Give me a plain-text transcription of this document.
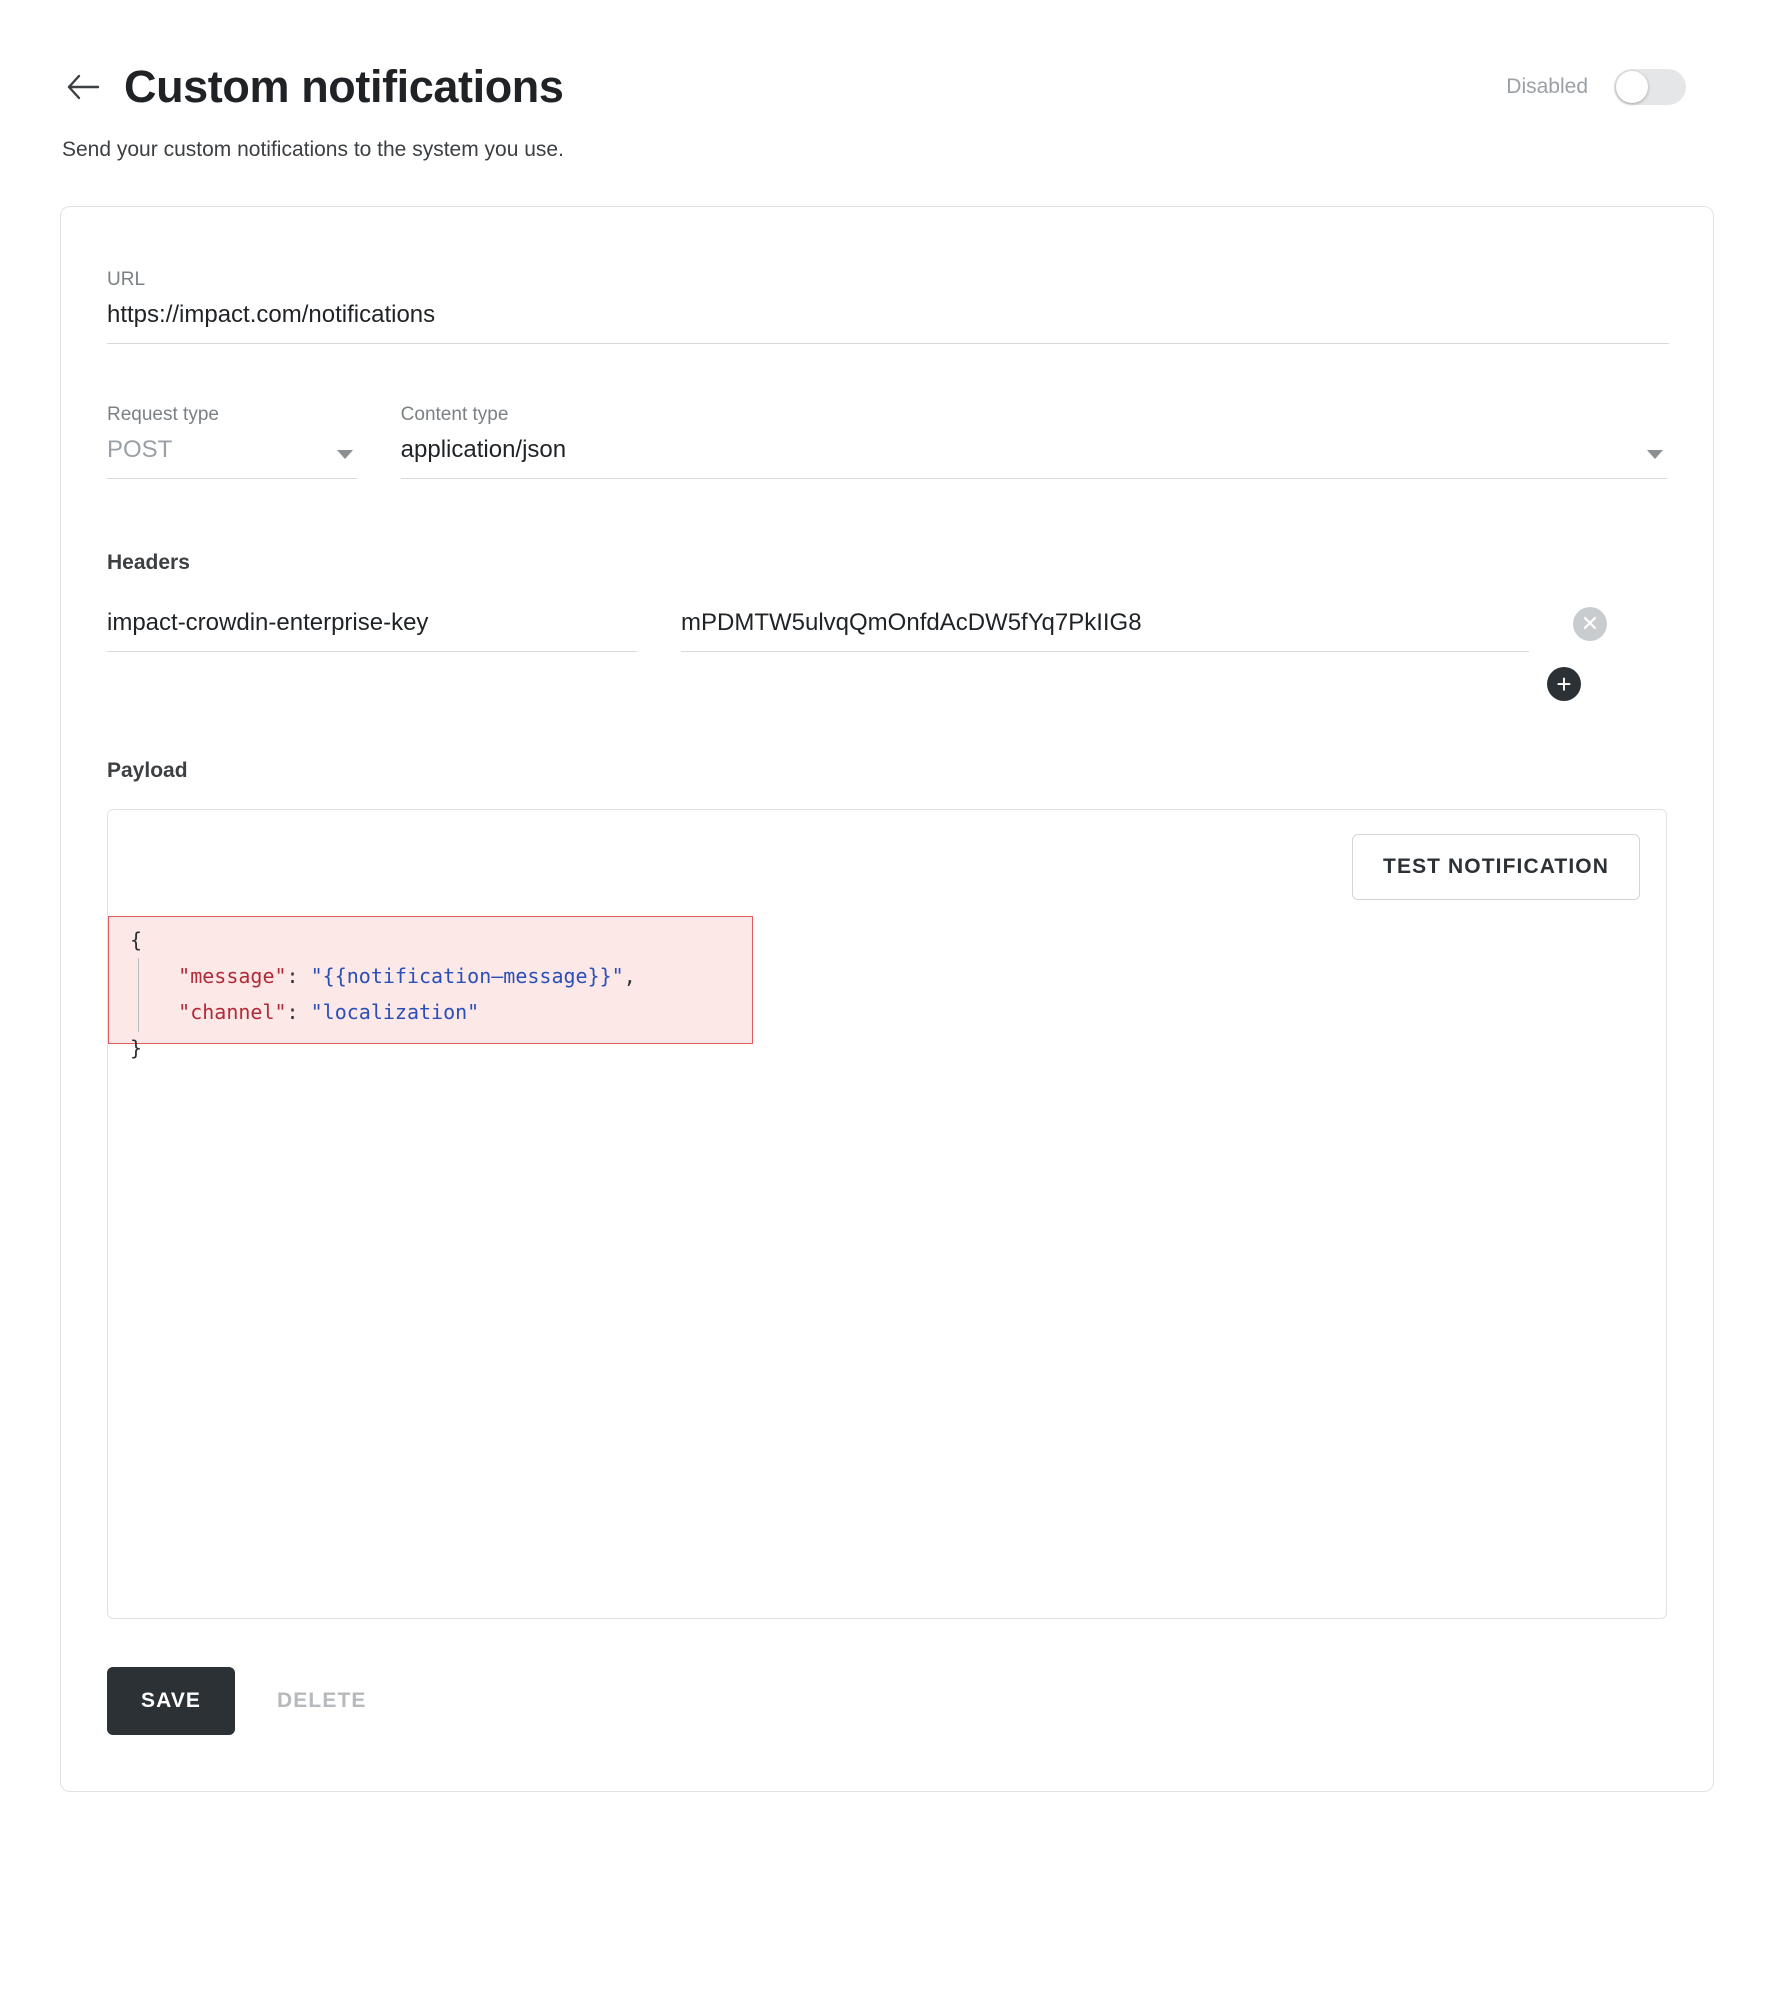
Custom notifications	Disabled
Send your custom notifications to the system you use.
URL
https://impact.com/notifications
Request type
POST
Content type
application/json
Headers
impact-crowdin-enterprise-key
mPDMTW5ulvqQmOnfdAcDW5fYq7PkIIG8
✕
+
Payload
TEST NOTIFICATION
{
"message": "{{notification—message}}",
"channel": "localization"
}
SAVE	DELETE
